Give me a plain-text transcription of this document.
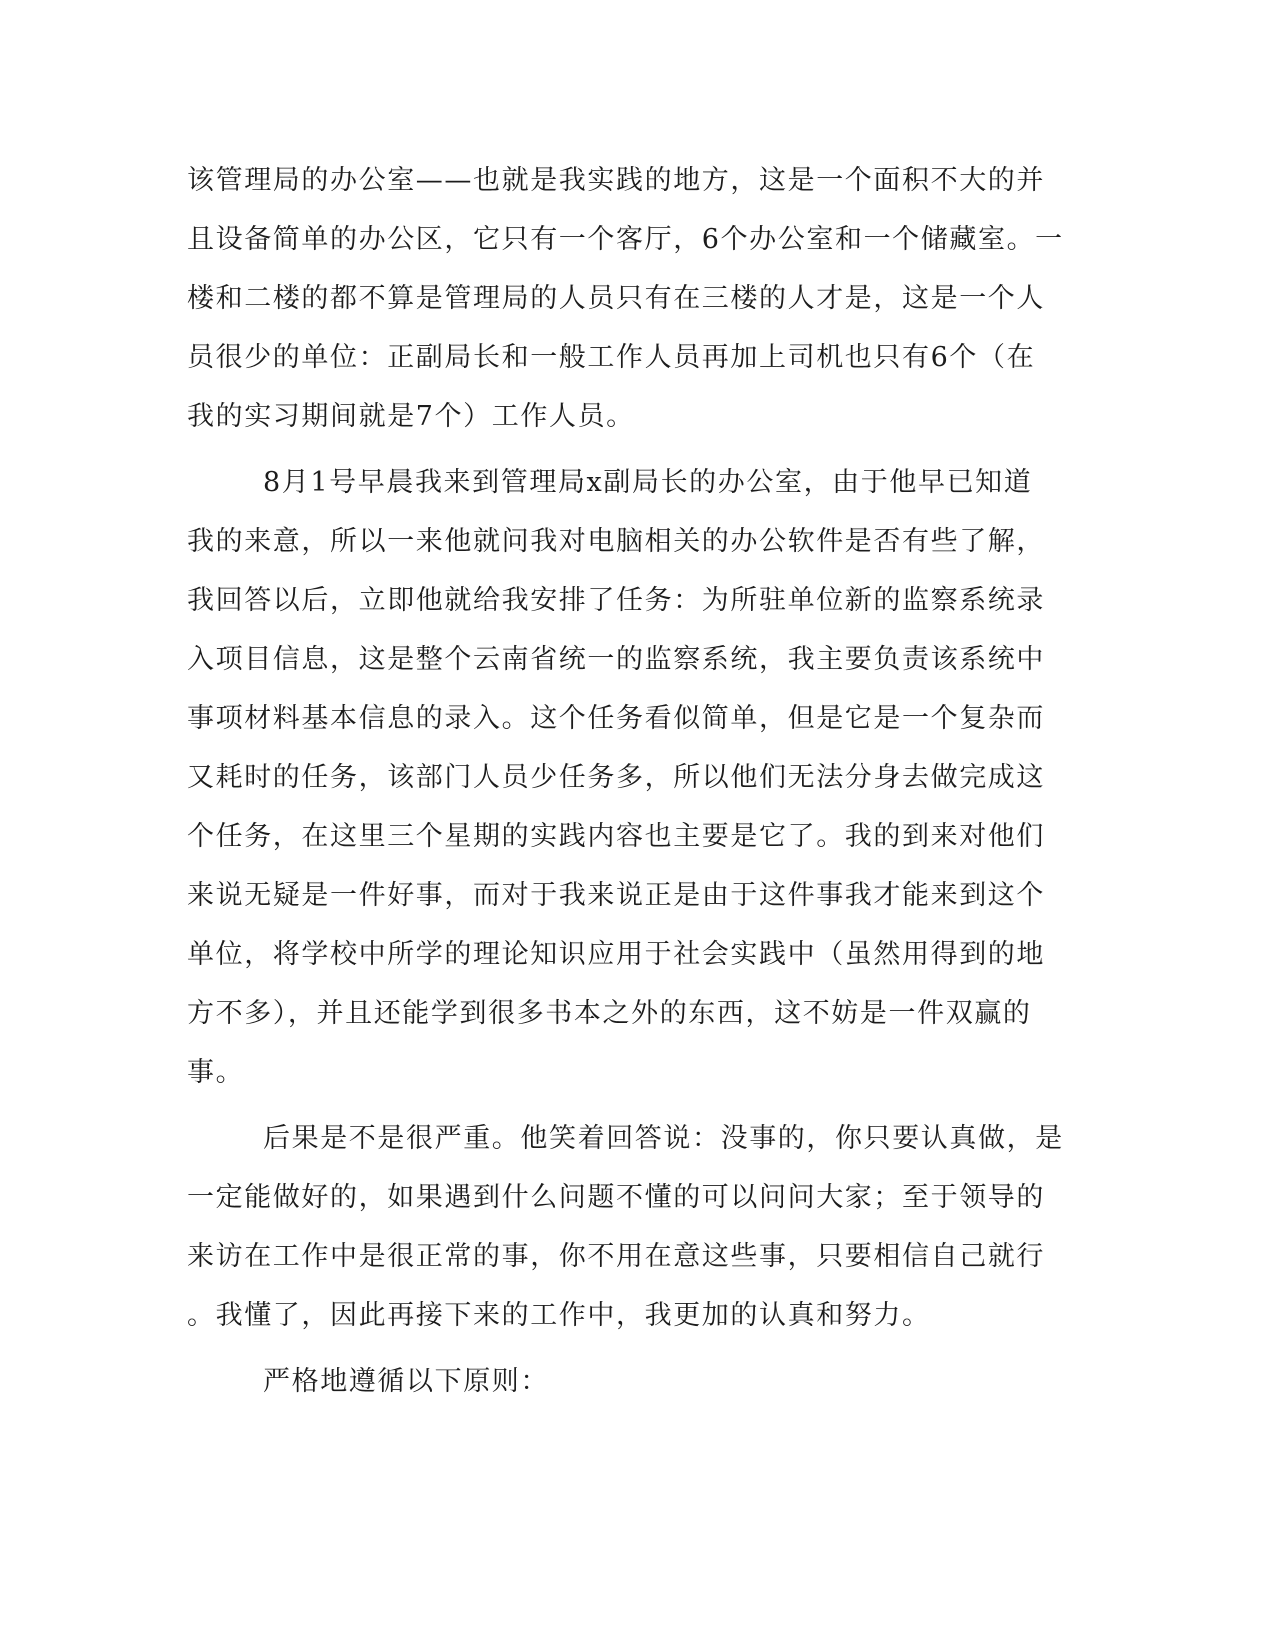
该管理局的办公室——也就是我实践的地方，这是一个面积不大的并
且设备简单的办公区，它只有一个客厅，6个办公室和一个储藏室。一
楼和二楼的都不算是管理局的人员只有在三楼的人才是，这是一个人
员很少的单位：正副局长和一般工作人员再加上司机也只有6个（在
我的实习期间就是7个）工作人员。
8月1号早晨我来到管理局x副局长的办公室，由于他早已知道
我的来意，所以一来他就问我对电脑相关的办公软件是否有些了解，
我回答以后，立即他就给我安排了任务：为所驻单位新的监察系统录
入项目信息，这是整个云南省统一的监察系统，我主要负责该系统中
事项材料基本信息的录入。这个任务看似简单，但是它是一个复杂而
又耗时的任务，该部门人员少任务多，所以他们无法分身去做完成这
个任务，在这里三个星期的实践内容也主要是它了。我的到来对他们
来说无疑是一件好事，而对于我来说正是由于这件事我才能来到这个
单位，将学校中所学的理论知识应用于社会实践中（虽然用得到的地
方不多），并且还能学到很多书本之外的东西，这不妨是一件双赢的
事。
后果是不是很严重。他笑着回答说：没事的，你只要认真做，是
一定能做好的，如果遇到什么问题不懂的可以问问大家；至于领导的
来访在工作中是很正常的事，你不用在意这些事，只要相信自己就行
。我懂了，因此再接下来的工作中，我更加的认真和努力。
严格地遵循以下原则：
